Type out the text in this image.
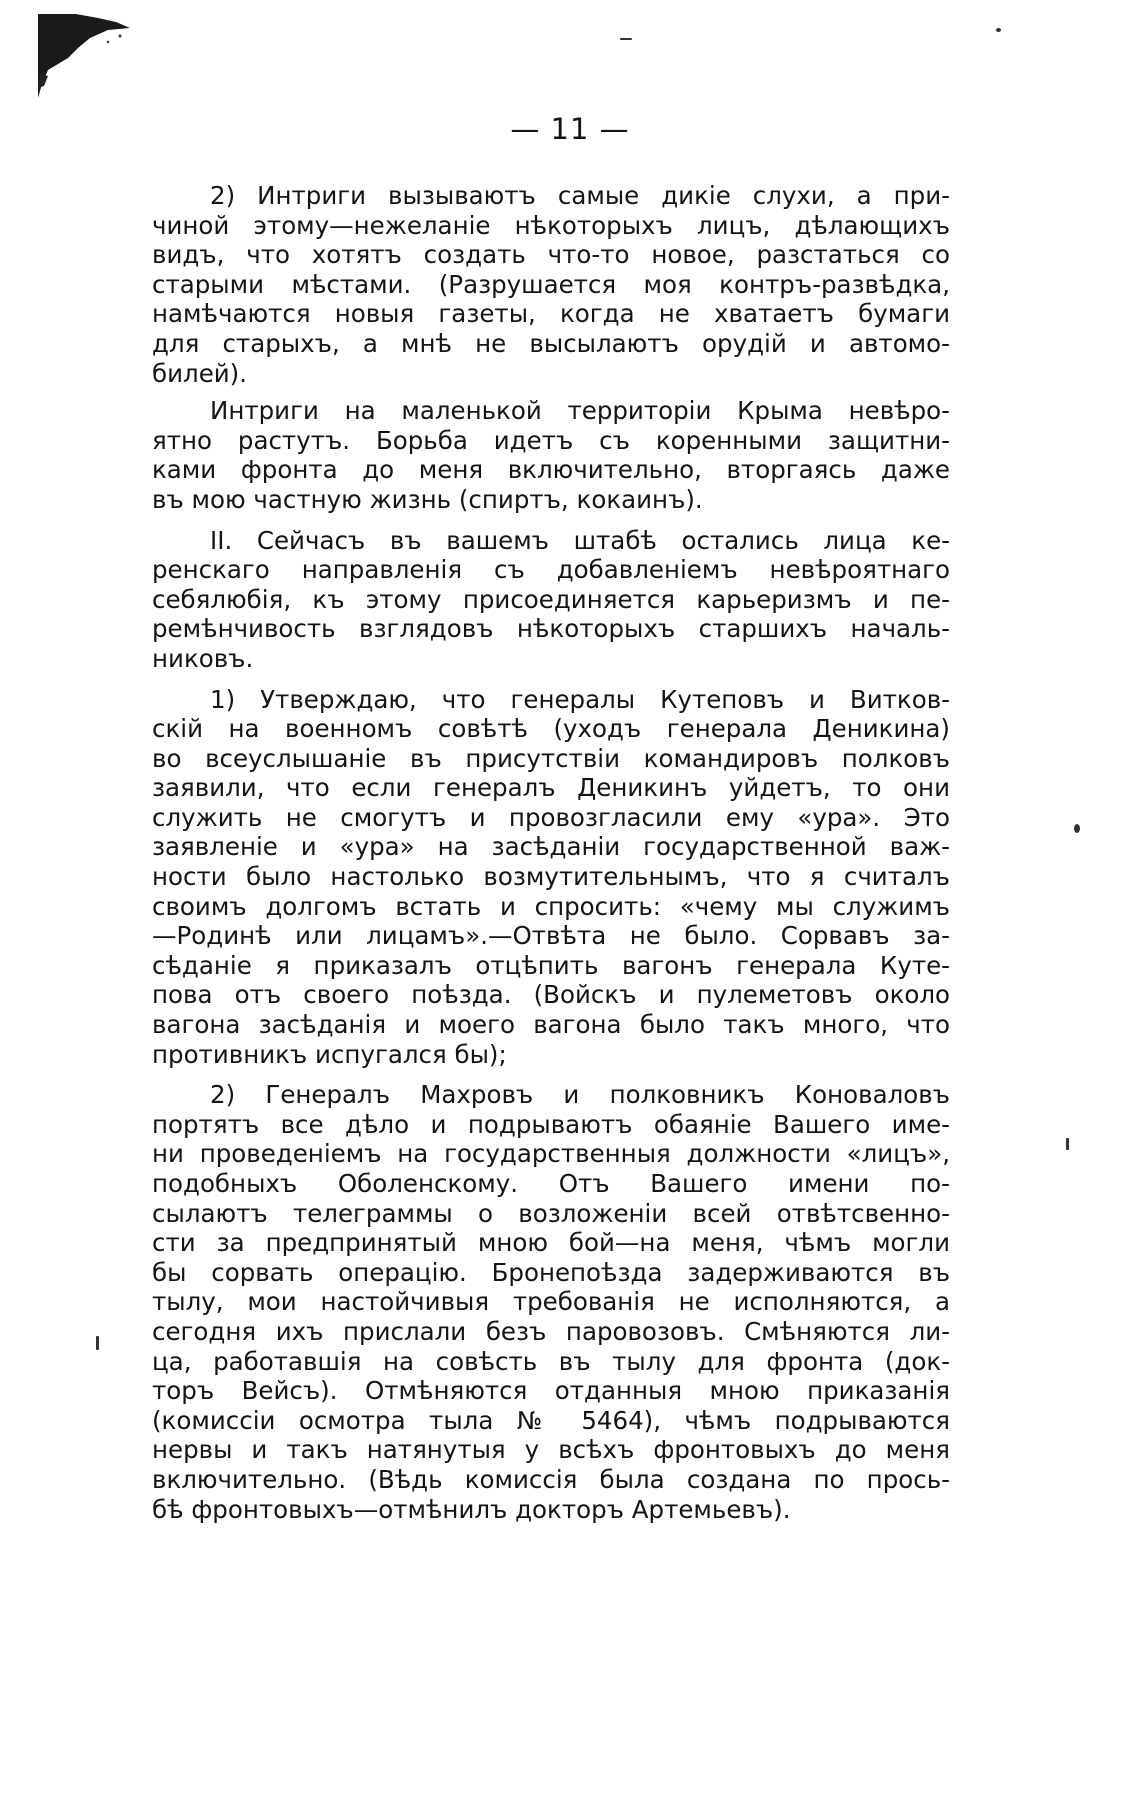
— 11 —

2) Интриги вызываютъ самые дикiе слухи, а при-
чиной этому—нежеланiе нѣкоторыхъ лицъ, дѣлающихъ
видъ, что хотятъ создать что-то новое, разстаться со
старыми мѣстами. (Разрушается моя контръ-развѣдка,
намѣчаются новыя газеты, когда не хватаетъ бумаги
для старыхъ, а мнѣ не высылаютъ орудiй и автомо-
билей).

Интриги на маленькой территорiи Крыма невѣро-
ятно растутъ. Борьба идетъ съ коренными защитни-
ками фронта до меня включительно, вторгаясь даже
въ мою частную жизнь (спиртъ, кокаинъ).

II. Сейчасъ въ вашемъ штабѣ остались лица ке-
ренскаго направленiя съ добавленiемъ невѣроятнаго
себялюбiя, къ этому присоединяется карьеризмъ и пе-
ремѣнчивость взглядовъ нѣкоторыхъ старшихъ началь-
никовъ.

1) Утверждаю, что генералы Кутеповъ и Витков-
скiй на военномъ совѣтѣ (уходъ генерала Деникина)
во всеуслышанiе въ присутствiи командировъ полковъ
заявили, что если генералъ Деникинъ уйдетъ, то они
служить не смогутъ и провозгласили ему «ура». Это
заявленiе и «ура» на засѣданiи государственной важ-
ности было настолько возмутительнымъ, что я считалъ
своимъ долгомъ встать и спросить: «чему мы служимъ
—Родинѣ или лицамъ».—Отвѣта не было. Сорвавъ за-
сѣданiе я приказалъ отцѣпить вагонъ генерала Куте-
пова отъ своего поѣзда. (Войскъ и пулеметовъ около
вагона засѣданiя и моего вагона было такъ много, что
противникъ испугался бы);

2) Генералъ Махровъ и полковникъ Коноваловъ
портятъ все дѣло и подрываютъ обаянiе Вашего име-
ни проведенiемъ на государственныя должности «лицъ»,
подобныхъ Оболенскому. Отъ Вашего имени по-
сылаютъ телеграммы о возложенiи всей отвѣтсвенно-
сти за предпринятый мною бой—на меня, чѣмъ могли
бы сорвать операцiю. Бронепоѣзда задерживаются въ
тылу, мои настойчивыя требованiя не исполняются, а
сегодня ихъ прислали безъ паровозовъ. Смѣняются ли-
ца, работавшiя на совѣсть въ тылу для фронта (док-
торъ Вейсъ). Отмѣняются отданныя мною приказанiя
(комиссiи осмотра тыла № 5464), чѣмъ подрываются
нервы и такъ натянутыя у всѣхъ фронтовыхъ до меня
включительно. (Вѣдь комиссiя была создана по прось-
бѣ фронтовыхъ—отмѣнилъ докторъ Артемьевъ).
